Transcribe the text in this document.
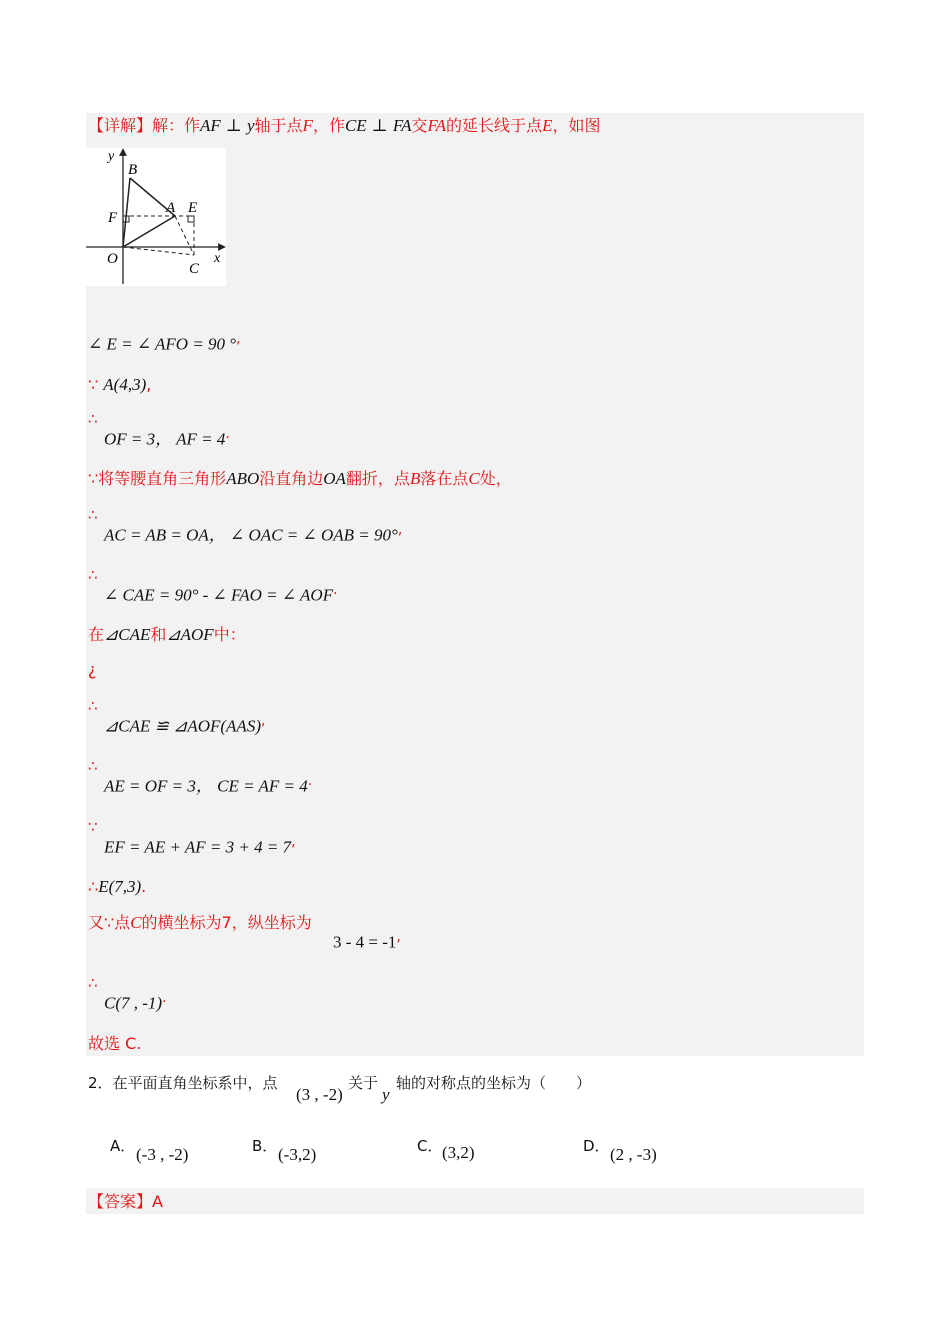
【详解】解：作AF ⊥ y轴于点F，作CE ⊥ FA交FA的延长线于点E，如图
y
B
F
A E
O	x
C
∠ E = ∠ AFO = 90 °,
∵ A(4,3),
∴
OF = 3， AF = 4.
∵将等腰直角三角形ABO沿直角边OA翻折，点B落在点C处，
∴
AC = AB = OA， ∠ OAC = ∠ OAB = 90°,
∴
∠ CAE = 90° - ∠ FAO = ∠ AOF.
在⊿CAE和⊿AOF中：
¿
∴
⊿CAE ≌ ⊿AOF(AAS),
∴
AE = OF = 3， CE = AF = 4.
∵
EF = AE + AF = 3 + 4 = 7,
∴E(7,3).
又∵点C的横坐标为7，纵坐标为
3 - 4 = -1,
∴
C(7 , -1).
故选 C.
2．在平面直角坐标系中，点
(3 , -2)
关于
y
轴的对称点的坐标为（　　）
A． (-3 , -2)	B． (-3,2)	C． (3,2)	D． (2 , -3)
【答案】A
